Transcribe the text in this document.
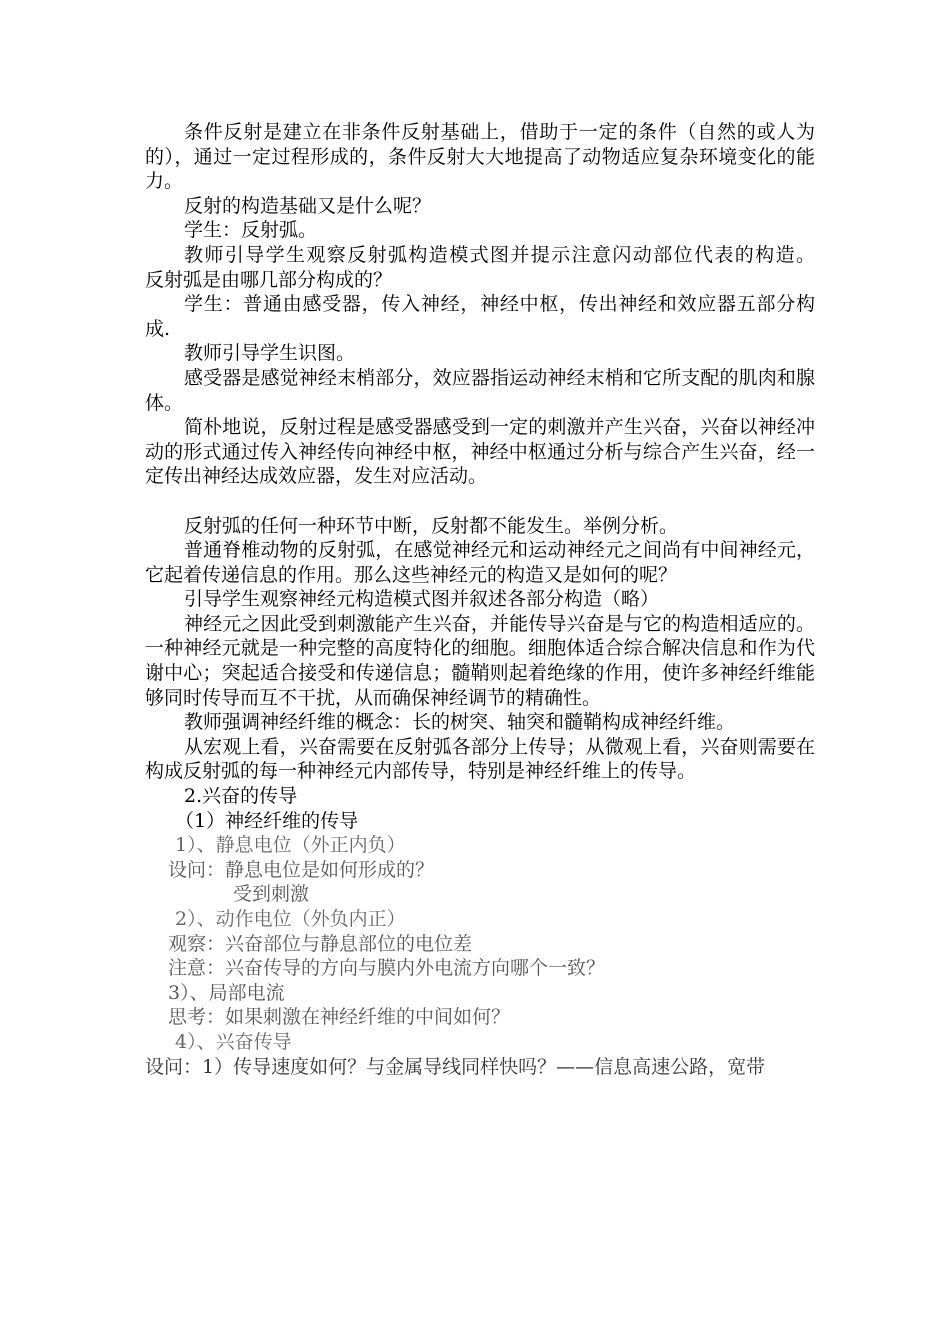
条件反射是建立在非条件反射基础上，借助于一定的条件（自然的或人为的），通过一定过程形成的，条件反射大大地提高了动物适应复杂环境变化的能力。

反射的构造基础又是什么呢？

学生：反射弧。

教师引导学生观察反射弧构造模式图并提示注意闪动部位代表的构造。    反射弧是由哪几部分构成的？

学生：普通由感受器，传入神经，神经中枢，传出神经和效应器五部分构成.

教师引导学生识图。

感受器是感觉神经末梢部分，效应器指运动神经末梢和它所支配的肌肉和腺体。

简朴地说，反射过程是感受器感受到一定的刺激并产生兴奋，兴奋以神经冲动的形式通过传入神经传向神经中枢，神经中枢通过分析与综合产生兴奋，经一定传出神经达成效应器，发生对应活动。

反射弧的任何一种环节中断，反射都不能发生。举例分析。

普通脊椎动物的反射弧，在感觉神经元和运动神经元之间尚有中间神经元，它起着传递信息的作用。那么这些神经元的构造又是如何的呢？

引导学生观察神经元构造模式图并叙述各部分构造（略）

神经元之因此受到刺激能产生兴奋，并能传导兴奋是与它的构造相适应的。一种神经元就是一种完整的高度特化的细胞。细胞体适合综合解决信息和作为代谢中心；突起适合接受和传递信息；髓鞘则起着绝缘的作用，使许多神经纤维能够同时传导而互不干扰，从而确保神经调节的精确性。

教师强调神经纤维的概念：长的树突、轴突和髓鞘构成神经纤维。

从宏观上看，兴奋需要在反射弧各部分上传导；从微观上看，兴奋则需要在构成反射弧的每一种神经元内部传导，特别是神经纤维上的传导。

2.兴奋的传导

（1）神经纤维的传导

1）、静息电位（外正内负）

设问：静息电位是如何形成的？

受到刺激

2）、动作电位（外负内正）

观察：兴奋部位与静息部位的电位差

注意：兴奋传导的方向与膜内外电流方向哪个一致？

3）、局部电流

思考：如果刺激在神经纤维的中间如何？

4）、兴奋传导

设问：1）传导速度如何？与金属导线同样快吗？——信息高速公路，宽带
